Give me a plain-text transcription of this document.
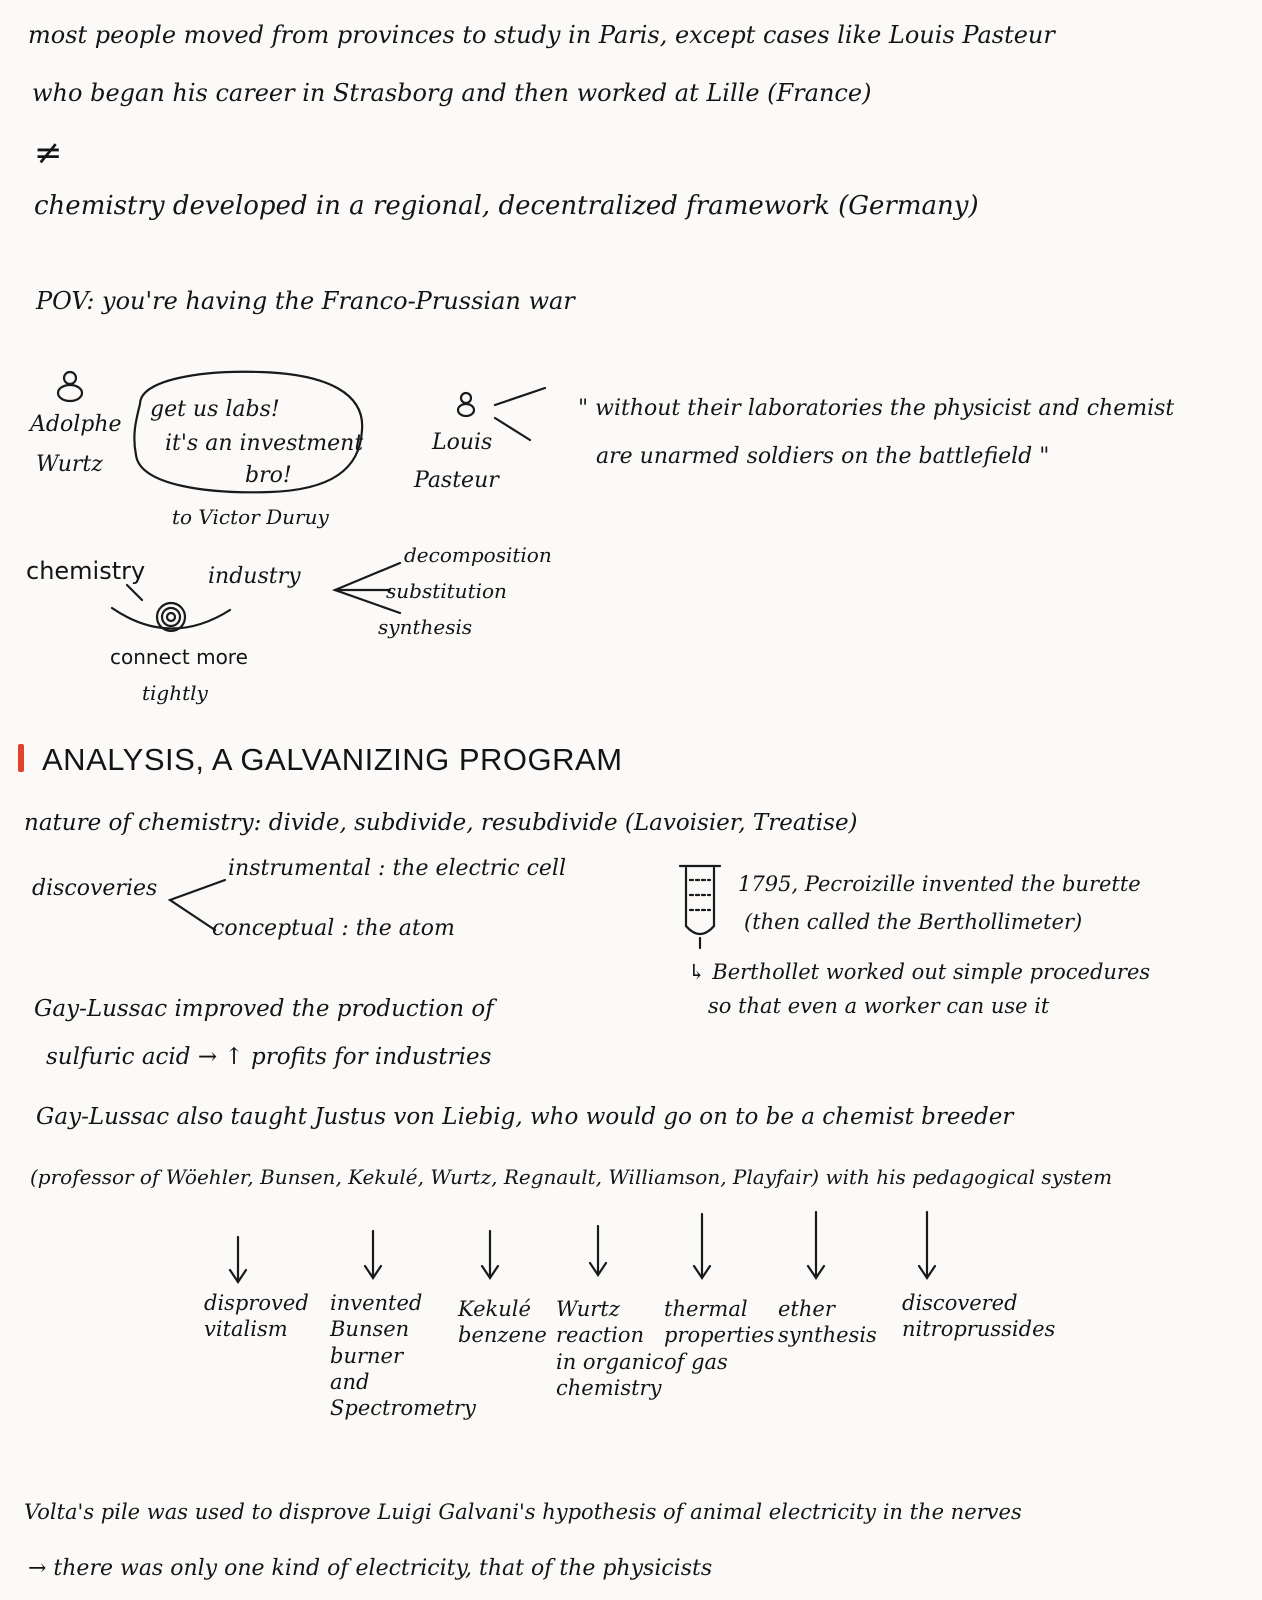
most people moved from provinces to study in Paris, except cases like Louis Pasteur
who began his career in Strasborg and then worked at Lille (France)
≠
chemistry developed in a regional, decentralized framework (Germany)
POV: you're having the Franco-Prussian war
Adolphe
Wurtz
get us labs!
it's an investment
bro!
to Victor Duruy
Louis
Pasteur
" without their laboratories the physicist and chemist
are unarmed soldiers on the battlefield "
chemistry	industry
decomposition
substitution
synthesis
connect more
tightly
ANALYSIS, A GALVANIZING PROGRAM
nature of chemistry: divide, subdivide, resubdivide (Lavoisier, Treatise)
discoveries
instrumental : the electric cell
conceptual : the atom
1795, Pecroizille invented the burette
(then called the Berthollimeter)
↳ Berthollet worked out simple procedures
so that even a worker can use it
Gay-Lussac improved the production of
sulfuric acid → ↑ profits for industries
Gay-Lussac also taught Justus von Liebig, who would go on to be a chemist breeder
(professor of Wöehler, Bunsen, Kekulé, Wurtz, Regnault, Williamson, Playfair) with his pedagogical system
disproved
vitalism
invented
Bunsen
burner
and
Spectrometry
Kekulé
benzene
Wurtz
reaction
in organic
chemistry
thermal
properties
of gas
ether
synthesis
discovered
nitroprussides
Volta's pile was used to disprove Luigi Galvani's hypothesis of animal electricity in the nerves
→ there was only one kind of electricity, that of the physicists
